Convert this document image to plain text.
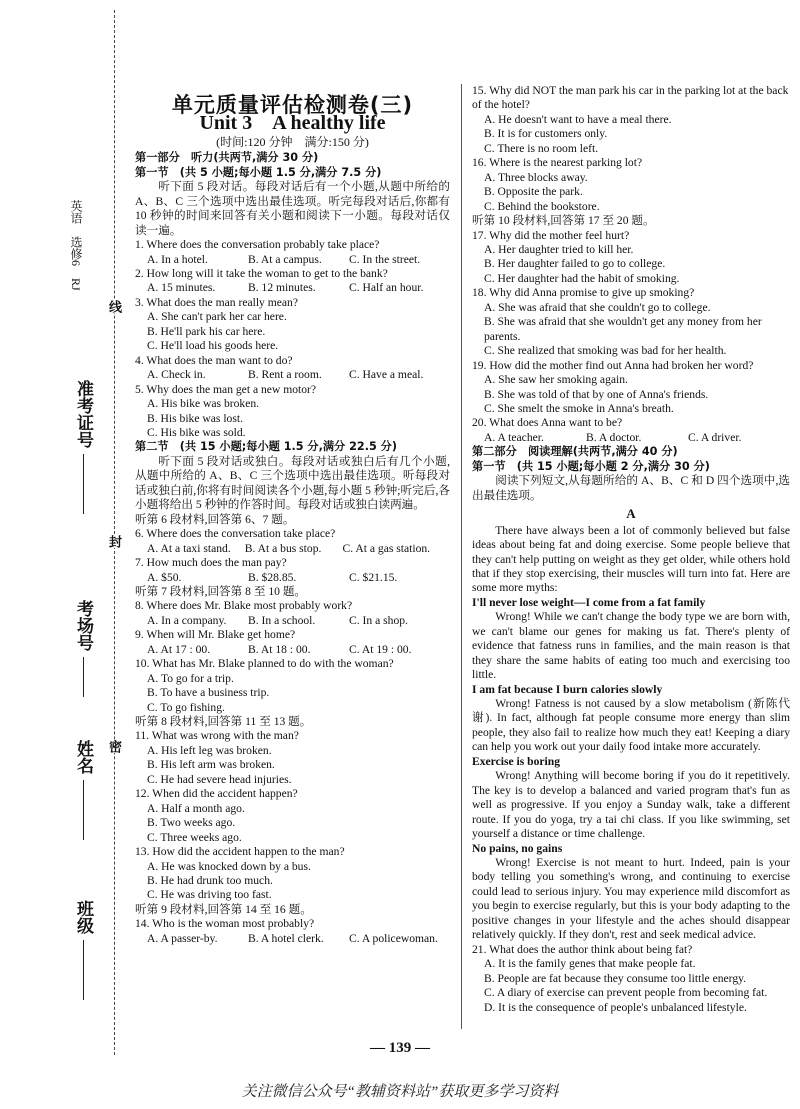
线
封
密
英语　选修6　RJ
准考证号
考场号
姓名
班级
单元质量评估检测卷(三)
Unit 3　A healthy life
(时间:120 分钟　满分:150 分)
第一部分　听力(共两节,满分 30 分)
第一节　(共 5 小题;每小题 1.5 分,满分 7.5 分)
听下面 5 段对话。每段对话后有一个小题,从题中所给的 A、B、C 三个选项中选出最佳选项。听完每段对话后,你都有 10 秒钟的时间来回答有关小题和阅读下一小题。每段对话仅读一遍。
1. Where does the conversation probably take place?
A. In a hotel.	B. At a campus.	C. In the street.
2. How long will it take the woman to get to the bank?
A. 15 minutes.	B. 12 minutes.	C. Half an hour.
3. What does the man really mean?
A. She can't park her car here.
B. He'll park his car here.
C. He'll load his goods here.
4. What does the man want to do?
A. Check in.	B. Rent a room.	C. Have a meal.
5. Why does the man get a new motor?
A. His bike was broken.
B. His bike was lost.
C. His bike was sold.
第二节　(共 15 小题;每小题 1.5 分,满分 22.5 分)
听下面 5 段对话或独白。每段对话或独白后有几个小题,从题中所给的 A、B、C 三个选项中选出最佳选项。听每段对话或独白前,你将有时间阅读各个小题,每小题 5 秒钟;听完后,各小题将给出 5 秒钟的作答时间。每段对话或独白读两遍。
听第 6 段材料,回答第 6、7 题。
6. Where does the conversation take place?
A. At a taxi stand.	B. At a bus stop.	C. At a gas station.
7. How much does the man pay?
A. $50.	B. $28.85.	C. $21.15.
听第 7 段材料,回答第 8 至 10 题。
8. Where does Mr. Blake most probably work?
A. In a company.	B. In a school.	C. In a shop.
9. When will Mr. Blake get home?
A. At 17 : 00.	B. At 18 : 00.	C. At 19 : 00.
10. What has Mr. Blake planned to do with the woman?
A. To go for a trip.
B. To have a business trip.
C. To go fishing.
听第 8 段材料,回答第 11 至 13 题。
11. What was wrong with the man?
A. His left leg was broken.
B. His left arm was broken.
C. He had severe head injuries.
12. When did the accident happen?
A. Half a month ago.
B. Two weeks ago.
C. Three weeks ago.
13. How did the accident happen to the man?
A. He was knocked down by a bus.
B. He had drunk too much.
C. He was driving too fast.
听第 9 段材料,回答第 14 至 16 题。
14. Who is the woman most probably?
A. A passer-by.	B. A hotel clerk.	C. A policewoman.
15. Why did NOT the man park his car in the parking lot at the back of the hotel?
A. He doesn't want to have a meal there.
B. It is for customers only.
C. There is no room left.
16. Where is the nearest parking lot?
A. Three blocks away.
B. Opposite the park.
C. Behind the bookstore.
听第 10 段材料,回答第 17 至 20 题。
17. Why did the mother feel hurt?
A. Her daughter tried to kill her.
B. Her daughter failed to go to college.
C. Her daughter had the habit of smoking.
18. Why did Anna promise to give up smoking?
A. She was afraid that she couldn't go to college.
B. She was afraid that she wouldn't get any money from her parents.
C. She realized that smoking was bad for her health.
19. How did the mother find out Anna had broken her word?
A. She saw her smoking again.
B. She was told of that by one of Anna's friends.
C. She smelt the smoke in Anna's breath.
20. What does Anna want to be?
A. A teacher.	B. A doctor.	C. A driver.
第二部分　阅读理解(共两节,满分 40 分)
第一节　(共 15 小题;每小题 2 分,满分 30 分)
阅读下列短文,从每题所给的 A、B、C 和 D 四个选项中,选出最佳选项。
A
There have always been a lot of commonly believed but false ideas about being fat and doing exercise. Some people believe that they can't help putting on weight as they get older, while others hold that if they stop exercising, their muscles will turn into fat. Here are some more myths:
I'll never lose weight—I come from a fat family
Wrong! While we can't change the body type we are born with, we can't blame our genes for making us fat. There's plenty of evidence that fatness runs in families, and the main reason is that they share the same habits of eating too much and exercising too little.
I am fat because I burn calories slowly
Wrong! Fatness is not caused by a slow metabolism (新陈代谢). In fact, although fat people consume more energy than slim people, they also fail to realize how much they eat! Keeping a diary can help you work out your daily food intake more accurately.
Exercise is boring
Wrong! Anything will become boring if you do it repetitively. The key is to develop a balanced and varied program that's fun as well as progressive. If you enjoy a Sunday walk, take a different route. If you do yoga, try a tai chi class. If you like swimming, set yourself a distance or time challenge.
No pains, no gains
Wrong! Exercise is not meant to hurt. Indeed, pain is your body telling you something's wrong, and continuing to exercise could lead to serious injury. You may experience mild discomfort as you begin to exercise regularly, but this is your body adapting to the positive changes in your lifestyle and the aches should disappear relatively quickly. If they don't, rest and seek medical advice.
21. What does the author think about being fat?
A. It is the family genes that make people fat.
B. People are fat because they consume too little energy.
C. A diary of exercise can prevent people from becoming fat.
D. It is the consequence of people's unbalanced lifestyle.
— 139 —
关注微信公众号“教辅资料站”获取更多学习资料
